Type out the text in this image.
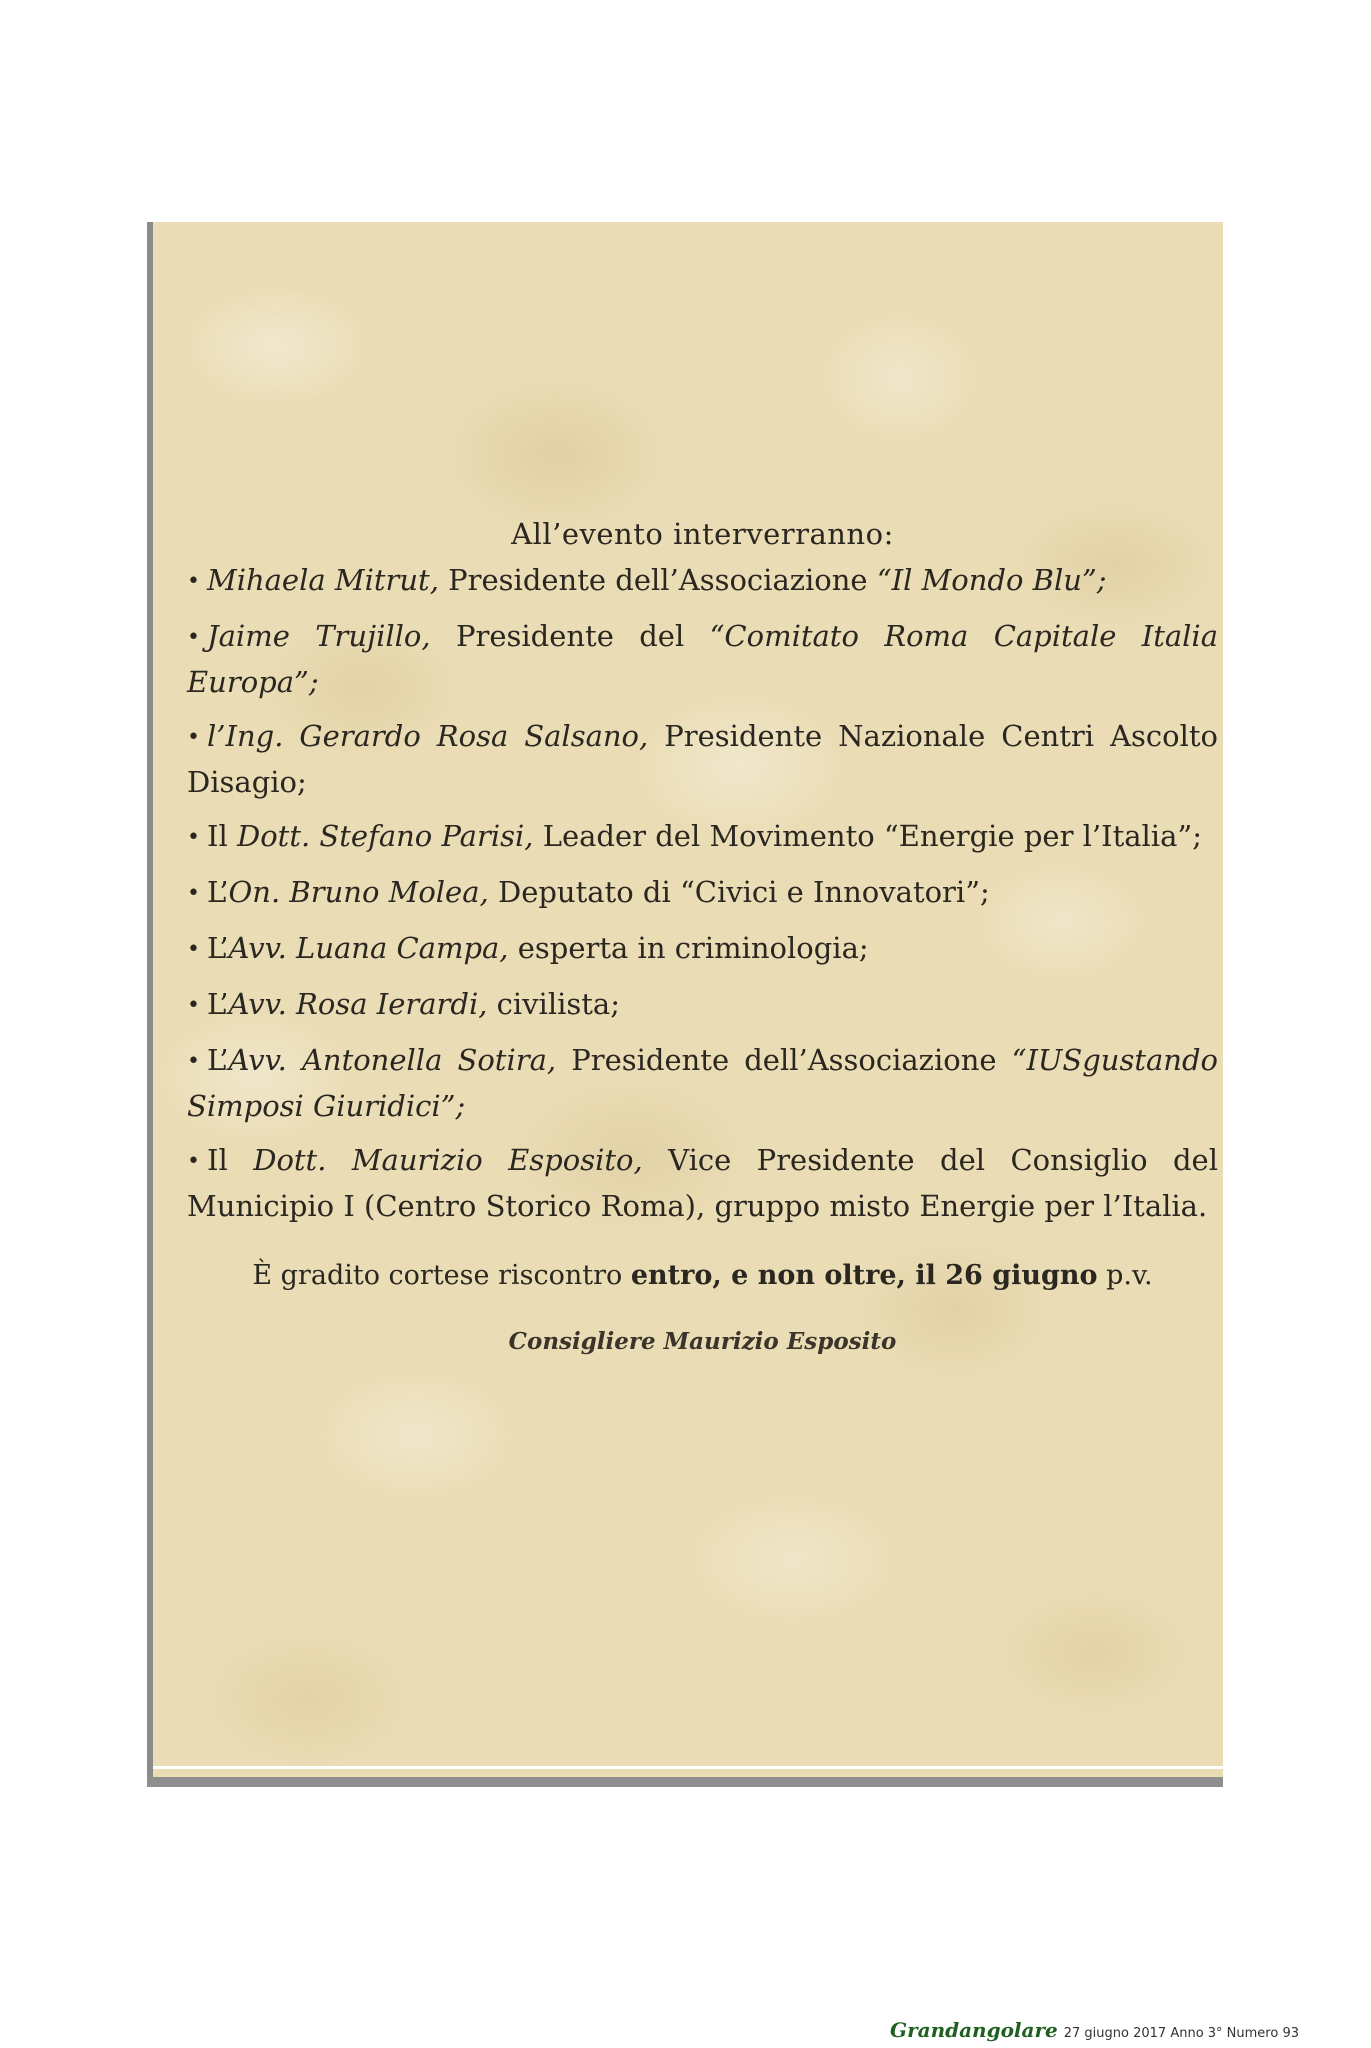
All’evento interverranno:
• Mihaela Mitrut, Presidente dell’Associazione “Il Mondo Blu”;
• Jaime Trujillo, Presidente del “Comitato Roma Capitale Italia Europa”;
• l’Ing. Gerardo Rosa Salsano, Presidente Nazionale Centri Ascolto Disagio;
• Il Dott. Stefano Parisi, Leader del Movimento “Energie per l’Italia”;
• L’On. Bruno Molea, Deputato di “Civici e Innovatori”;
• L’Avv. Luana Campa, esperta in criminologia;
• L’Avv. Rosa Ierardi, civilista;
• L’Avv. Antonella Sotira, Presidente dell’Associazione “IUSgustando Simposi Giuridici”;
• Il Dott. Maurizio Esposito, Vice Presidente del Consiglio del Municipio I (Centro Storico Roma), gruppo misto Energie per l’Italia.
È gradito cortese riscontro entro, e non oltre, il 26 giugno p.v.
Consigliere Maurizio Esposito
Grandangolare 27 giugno 2017 Anno 3° Numero 93
